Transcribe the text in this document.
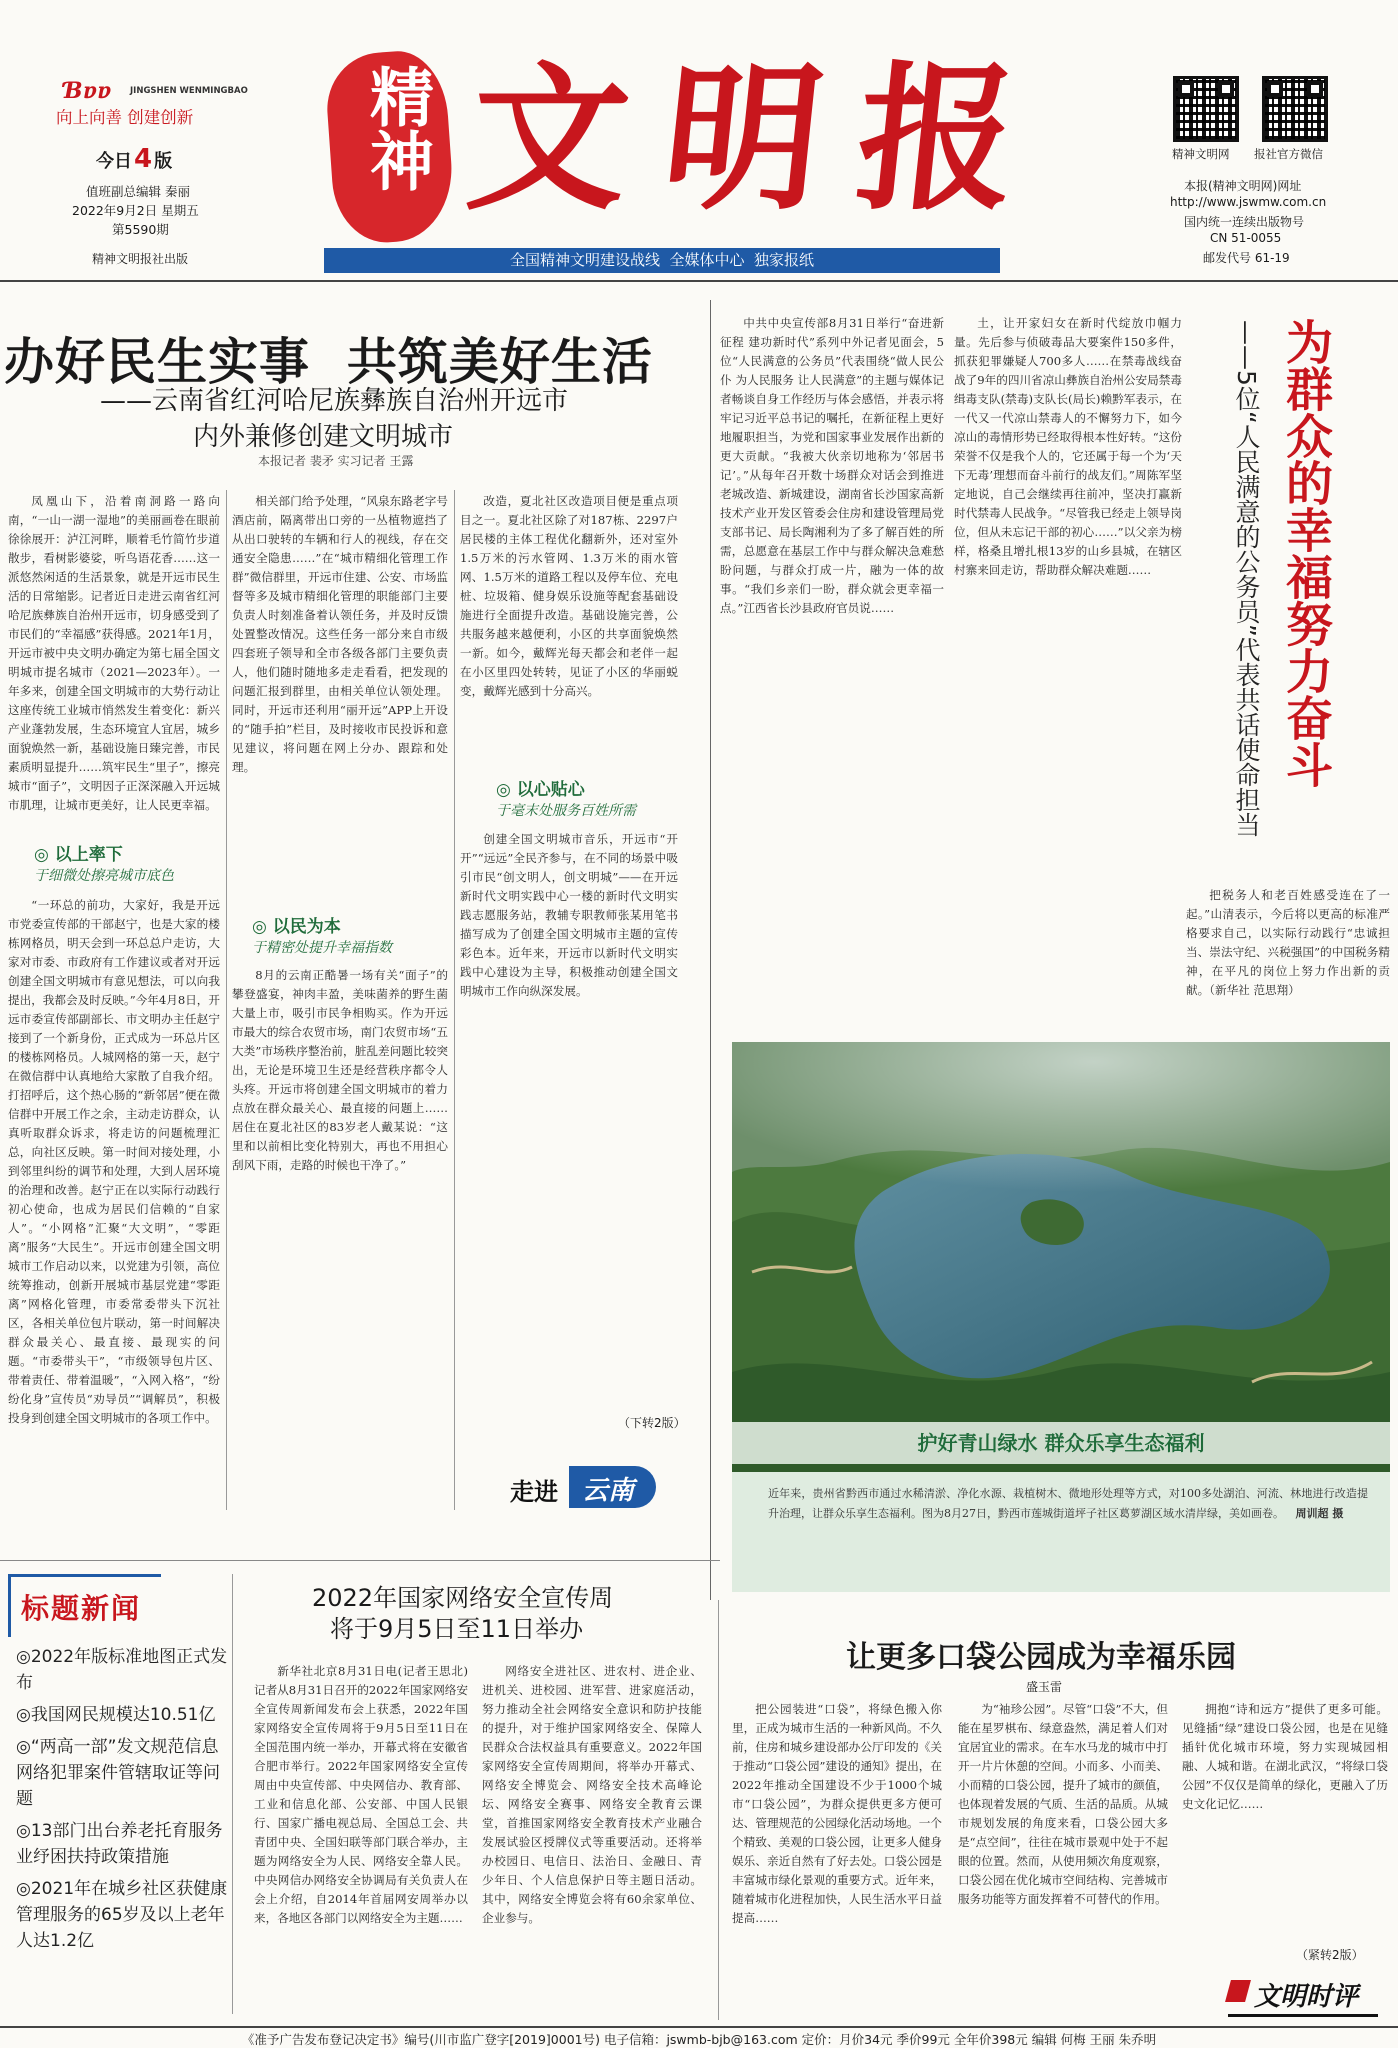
Ɓɐɐ JINGSHEN WENMINGBAO
向上向善 创建创新
今日4 版
值班副总编辑 秦丽
2022年9月2日 星期五
第5590期
精神文明报社出版
精神 文明报
全国精神文明建设战线  全媒体中心  独家报纸
精神文明网 报社官方微信
本报(精神文明网)网址
http://www.jswmw.com.cn
国内统一连续出版物号
CN 51-0055
邮发代号 61-19
办好民生实事  共筑美好生活
——云南省红河哈尼族彝族自治州开远市
内外兼修创建文明城市
本报记者 裴矛 实习记者 王露

凤凰山下，沿着南洞路一路向南，“一山一湖一湿地”的美丽画卷在眼前徐徐展开：泸江河畔，顺着毛竹简竹步道散步，看树影婆娑，听鸟语花香……这一派悠然闲适的生活景象，就是开远市民生活的日常缩影。记者近日走进云南省红河哈尼族彝族自治州开远市，切身感受到了市民们的“幸福感”获得感。2021年1月，开远市被中央文明办确定为第七届全国文明城市提名城市（2021—2023年）。一年多来，创建全国文明城市的大势行动让这座传统工业城市悄然发生着变化：新兴产业蓬勃发展，生态环境宜人宜居，城乡面貌焕然一新，基础设施日臻完善，市民素质明显提升……筑牢民生“里子”，擦亮城市“面子”，文明因子正深深融入开远城市肌理，让城市更美好，让人民更幸福。

◎ 以上率下
于细微处擦亮城市底色

“一环总的前功，大家好，我是开远市党委宣传部的干部赵宁，也是大家的楼栋网格员，明天会到一环总总户走访，大家对市委、市政府有工作建议或者对开远创建全国文明城市有意见想法，可以向我提出，我都会及时反映。”今年4月8日，开远市委宣传部副部长、市文明办主任赵宁接到了一个新身份，正式成为一环总片区的楼栋网格员。人城网格的第一天，赵宁在微信群中认真地给大家散了自我介绍。打招呼后，这个热心肠的“新邻居”便在微信群中开展工作之余，主动走访群众，认真听取群众诉求，将走访的问题梳理汇总，向社区反映。第一时间对接处理，小到邻里纠纷的调节和处理，大到人居环境的治理和改善。赵宁正在以实际行动践行初心使命，也成为居民们信赖的“自家人”。“小网格”汇聚“大文明”，“零距离”服务“大民生”。开远市创建全国文明城市工作启动以来，以党建为引领，高位统筹推动，创新开展城市基层党建“零距离”网格化管理，市委常委带头下沉社区，各相关单位包片联动，第一时间解决群众最关心、最直接、最现实的问题。“市委带头干”，“市级领导包片区、带着责任、带着温暖”，“入网入格”，“纷纷化身”宣传员“劝导员”“调解员”，积极投身到创建全国文明城市的各项工作中。

相关部门给予处理，“风泉东路老字号酒店前，隔离带出口旁的一丛植物遮挡了从出口驶转的车辆和行人的视线，存在交通安全隐患……”在“城市精细化管理工作群”微信群里，开远市住建、公安、市场监督等多及城市精细化管理的职能部门主要负责人时刻准备着认领任务，并及时反馈处置整改情况。这些任务一部分来自市级四套班子领导和全市各级各部门主要负责人，他们随时随地多走走看看，把发现的问题汇报到群里，由相关单位认领处理。同时，开远市还利用“丽开远”APP上开设的“随手拍”栏目，及时接收市民投诉和意见建议，将问题在网上分办、跟踪和处理。

◎ 以民为本
于精密处提升幸福指数

8月的云南正酷暑一场有关“面子”的攀登盛宴，神肉丰盈，美味菌养的野生菌大量上市，吸引市民争相购买。作为开远市最大的综合农贸市场，南门农贸市场“五大类”市场秩序整治前，脏乱差问题比较突出，无论是环境卫生还是经营秩序都令人头疼。开远市将创建全国文明城市的着力点放在群众最关心、最直接的问题上……居住在夏北社区的83岁老人戴某说：“这里和以前相比变化特别大，再也不用担心刮风下雨，走路的时候也干净了。”

改造，夏北社区改造项目便是重点项目之一。夏北社区除了对187栋、2297户居民楼的主体工程优化翻新外，还对室外1.5万米的污水管网、1.3万米的雨水管网、1.5万米的道路工程以及停车位、充电桩、垃圾箱、健身娱乐设施等配套基础设施进行全面提升改造。基础设施完善，公共服务越来越便利，小区的共享面貌焕然一新。如今，戴辉光每天都会和老伴一起在小区里四处转转，见证了小区的华丽蜕变，戴辉光感到十分高兴。

◎ 以心贴心
于毫末处服务百姓所需

创建全国文明城市音乐，开远市“开开”“远远”全民齐参与，在不同的场景中吸引市民“创文明人，创文明城”——在开远新时代文明实践中心一楼的新时代文明实践志愿服务站，教辅专职教师张某用笔书描写成为了创建全国文明城市主题的宣传彩色本。近年来，开远市以新时代文明实践中心建设为主导，积极推动创建全国文明城市工作向纵深发展。

（下转2版）
走进 云南

中共中央宣传部8月31日举行“奋进新征程 建功新时代”系列中外记者见面会，5位“人民满意的公务员”代表围绕“做人民公仆 为人民服务 让人民满意”的主题与媒体记者畅谈自身工作经历与体会感悟，并表示将牢记习近平总书记的嘱托，在新征程上更好地履职担当，为党和国家事业发展作出新的更大贡献。“我被大伙亲切地称为‘邻居书记’。”从每年召开数十场群众对话会到推进老城改造、新城建设，湖南省长沙国家高新技术产业开发区管委会住房和建设管理局党支部书记、局长陶湘利为了多了解百姓的所需，总愿意在基层工作中与群众解决急难愁盼问题，与群众打成一片，融为一体的故事。“我们乡亲们一盼，群众就会更幸福一点。”江西省长沙县政府官员说……

土，让开家妇女在新时代绽放巾帼力量。先后参与侦破毒品大要案件150多件，抓获犯罪嫌疑人700多人……在禁毒战线奋战了9年的四川省凉山彝族自治州公安局禁毒缉毒支队(禁毒)支队长(局长)赖黔军表示，在一代又一代凉山禁毒人的不懈努力下，如今凉山的毒情形势已经取得根本性好转。“这份荣誉不仅是我个人的，它还属于每一个为‘天下无毒’理想而奋斗前行的战友们。”周陈军坚定地说，自己会继续再往前冲，坚决打赢新时代禁毒人民战争。“尽管我已经走上领导岗位，但从未忘记干部的初心……”以父亲为榜样，格桑且增扎根13岁的山乡县城，在辖区村寨来回走访，帮助群众解决难题……	为群众的幸福努力奋斗
——5位“人民满意的公务员”代表共话使命担当

把税务人和老百姓感受连在了一起。”山清表示，今后将以更高的标准严格要求自己，以实际行动践行“忠诚担当、崇法守纪、兴税强国”的中国税务精神，在平凡的岗位上努力作出新的贡献。（新华社 范思翔）

护好青山绿水 群众乐享生态福利
近年来，贵州省黔西市通过水稀清淤、净化水源、栽植树木、微地形处理等方式，对100多处湖泊、河流、林地进行改造提升治理，让群众乐享生态福利。图为8月27日，黔西市莲城街道坪子社区葛萝湖区域水清岸绿，美如画卷。 周训超 摄
标题新闻
◎2022年版标准地图正式发布
◎我国网民规模达10.51亿
◎“两高一部”发文规范信息网络犯罪案件管辖取证等问题
◎13部门出台养老托育服务业纾困扶持政策措施
◎2021年在城乡社区获健康管理服务的65岁及以上老年人达1.2亿
2022年国家网络安全宣传周
将于9月5日至11日举办

新华社北京8月31日电(记者王思北)记者从8月31日召开的2022年国家网络安全宣传周新闻发布会上获悉，2022年国家网络安全宣传周将于9月5日至11日在全国范围内统一举办，开幕式将在安徽省合肥市举行。2022年国家网络安全宣传周由中央宣传部、中央网信办、教育部、工业和信息化部、公安部、中国人民银行、国家广播电视总局、全国总工会、共青团中央、全国妇联等部门联合举办，主题为网络安全为人民、网络安全靠人民。中央网信办网络安全协调局有关负责人在会上介绍，自2014年首届网安周举办以来，各地区各部门以网络安全为主题……

网络安全进社区、进农村、进企业、进机关、进校园、进军营、进家庭活动，努力推动全社会网络安全意识和防护技能的提升，对于维护国家网络安全、保障人民群众合法权益具有重要意义。2022年国家网络安全宣传周期间，将举办开幕式、网络安全博览会、网络安全技术高峰论坛、网络安全赛事、网络安全教育云课堂，首推国家网络安全教育技术产业融合发展试验区授牌仪式等重要活动。还将举办校园日、电信日、法治日、金融日、青少年日、个人信息保护日等主题日活动。其中，网络安全博览会将有60余家单位、企业参与。

让更多口袋公园成为幸福乐园
盛玉雷

把公园装进“口袋”，将绿色搬入你里，正成为城市生活的一种新风尚。不久前，住房和城乡建设部办公厅印发的《关于推动“口袋公园”建设的通知》提出，在2022年推动全国建设不少于1000个城市“口袋公园”，为群众提供更多方便可达、管理规范的公园绿化活动场地。一个个精致、美观的口袋公园，让更多人健身娱乐、亲近自然有了好去处。口袋公园是丰富城市绿化景观的重要方式。近年来，随着城市化进程加快，人民生活水平日益提高……

为“袖珍公园”。尽管“口袋”不大，但能在星罗棋布、绿意盎然，满足着人们对宜居宜业的需求。在车水马龙的城市中打开一片片休憩的空间。小而多、小而美、小而精的口袋公园，提升了城市的颜值，也体现着发展的气质、生活的品质。从城市规划发展的角度来看，口袋公园大多是“点空间”，往往在城市景观中处于不起眼的位置。然而，从使用频次角度观察，口袋公园在优化城市空间结构、完善城市服务功能等方面发挥着不可替代的作用。

拥抱“诗和远方”提供了更多可能。见缝插“绿”建设口袋公园，也是在见缝插针优化城市环境，努力实现城园相融、人城和谐。在湖北武汉，“将绿口袋公园”不仅仅是简单的绿化，更融入了历史文化记忆……

（紧转2版）
文明时评
《准予广告发布登记决定书》编号(川市监广登字[2019]0001号) 电子信箱：jswmb-bjb@163.com 定价：月价34元 季价99元 全年价398元 编辑 何梅 王丽 朱乔明
